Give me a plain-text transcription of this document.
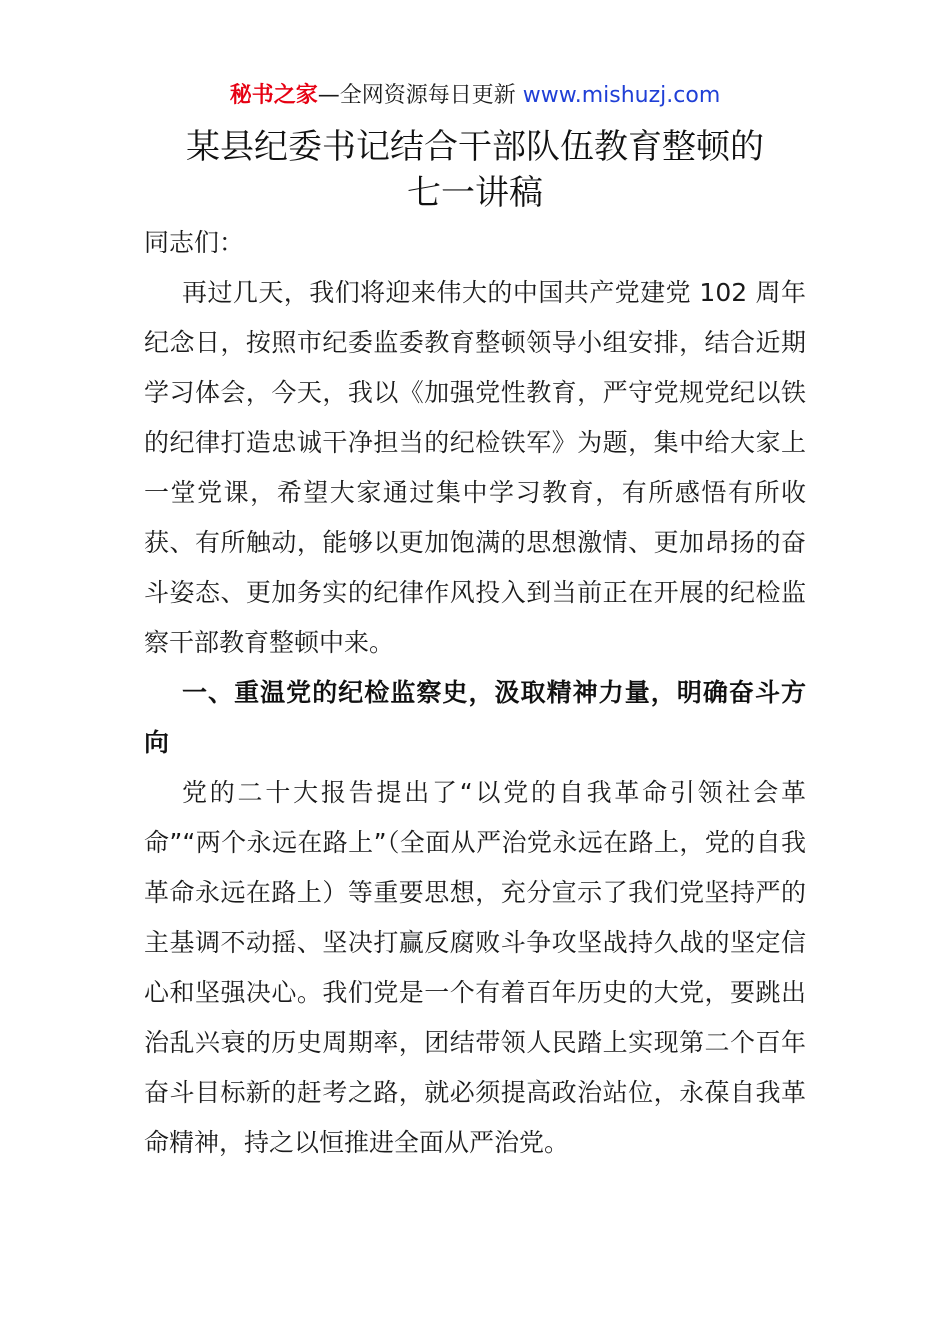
秘书之家—全网资源每日更新 www.mishuzj.com
某县纪委书记结合干部队伍教育整顿的
七一讲稿

同志们：

再过几天，我们将迎来伟大的中国共产党建党 102 周年纪念日，按照市纪委监委教育整顿领导小组安排，结合近期学习体会，今天，我以《加强党性教育，严守党规党纪以铁的纪律打造忠诚干净担当的纪检铁军》为题，集中给大家上一堂党课，希望大家通过集中学习教育，有所感悟有所收获、有所触动，能够以更加饱满的思想激情、更加昂扬的奋斗姿态、更加务实的纪律作风投入到当前正在开展的纪检监察干部教育整顿中来。

一、重温党的纪检监察史，汲取精神力量，明确奋斗方向

党的二十大报告提出了“以党的自我革命引领社会革命”“两个永远在路上”（全面从严治党永远在路上，党的自我革命永远在路上）等重要思想，充分宣示了我们党坚持严的主基调不动摇、坚决打赢反腐败斗争攻坚战持久战的坚定信心和坚强决心。我们党是一个有着百年历史的大党，要跳出治乱兴衰的历史周期率，团结带领人民踏上实现第二个百年奋斗目标新的赶考之路，就必须提高政治站位，永葆自我革命精神，持之以恒推进全面从严治党。
